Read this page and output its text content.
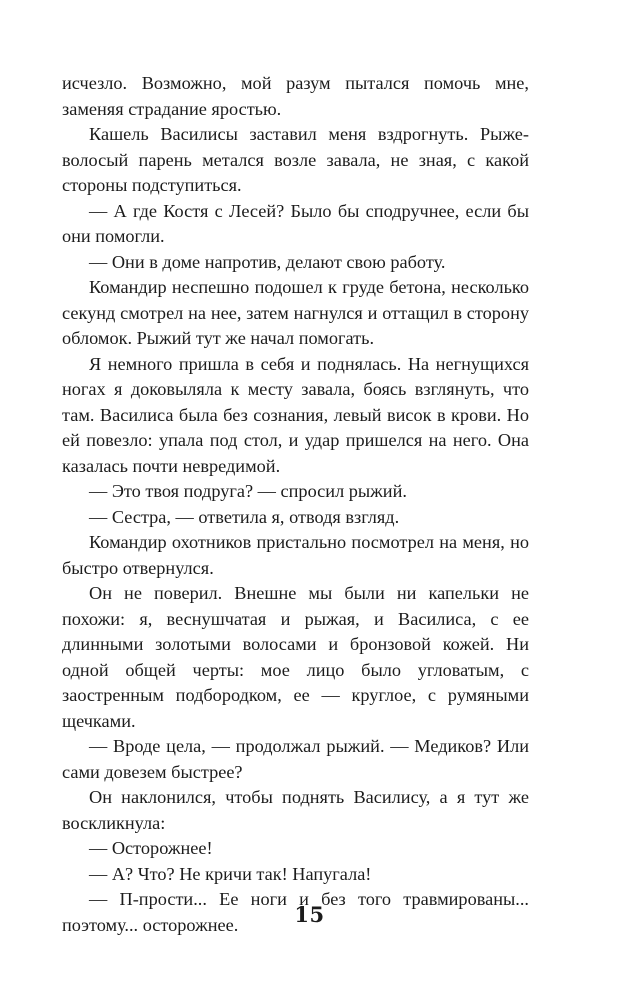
исчезло. Возможно, мой разум пытался помочь мне, заменяя страдание яростью.

Кашель Василисы заставил меня вздрогнуть. Рыжеволосый парень метался возле завала, не зная, с какой стороны подступиться.

— А где Костя с Лесей? Было бы сподручнее, если бы они помогли.

— Они в доме напротив, делают свою работу.

Командир неспешно подошел к груде бетона, несколько секунд смотрел на нее, затем нагнулся и оттащил в сторону обломок. Рыжий тут же начал помогать.

Я немного пришла в себя и поднялась. На негнущихся ногах я доковыляла к месту завала, боясь взглянуть, что там. Василиса была без сознания, левый висок в крови. Но ей повезло: упала под стол, и удар пришелся на него. Она казалась почти невредимой.

— Это твоя подруга? — спросил рыжий.

— Сестра, — ответила я, отводя взгляд.

Командир охотников пристально посмотрел на меня, но быстро отвернулся.

Он не поверил. Внешне мы были ни капельки не похожи: я, веснушчатая и рыжая, и Василиса, с ее длинными золотыми волосами и бронзовой кожей. Ни одной общей черты: мое лицо было угловатым, с заостренным подбородком, ее — круглое, с румяными щечками.

— Вроде цела, — продолжал рыжий. — Медиков? Или сами довезем быстрее?

Он наклонился, чтобы поднять Василису, а я тут же воскликнула:

— Осторожнее!

— А? Что? Не кричи так! Напугала!

— П-прости... Ее ноги и без того травмированы... поэтому... осторожнее.	15
